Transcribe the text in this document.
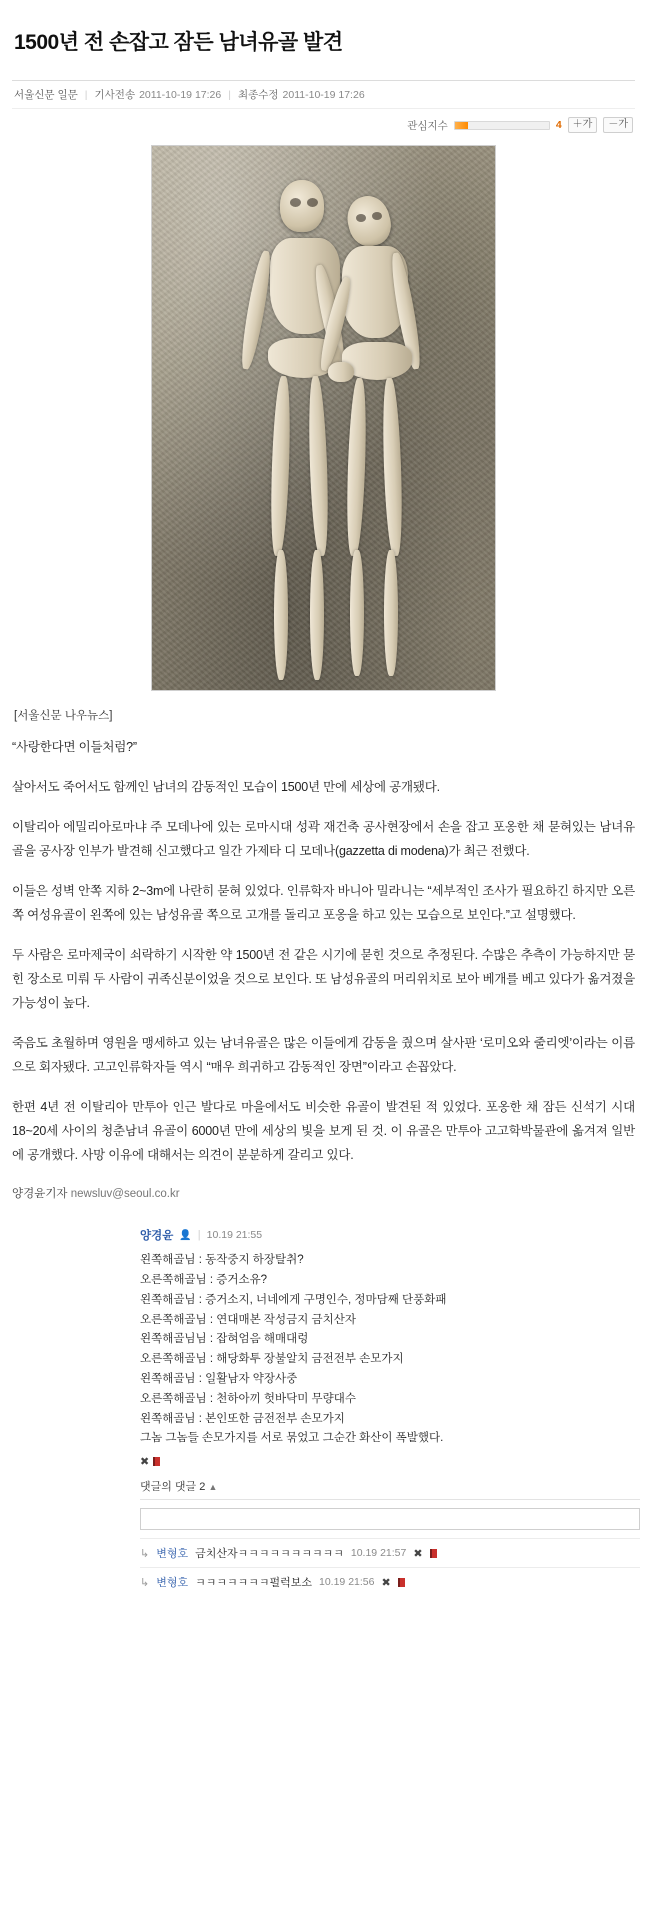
1500년 전 손잡고 잠든 남녀유골 발견
서울신문 일문 | 기사전송 2011-10-19 17:26 | 최종수정 2011-10-19 17:26
관심지수	4	＋가	－가
[서울신문 나우뉴스]

“사랑한다면 이들처럼?”

살아서도 죽어서도 함께인 남녀의 감동적인 모습이 1500년 만에 세상에 공개됐다.

이탈리아 에밀리아로마냐 주 모데나에 있는 로마시대 성곽 재건축 공사현장에서 손을 잡고 포옹한 채 묻혀있는 남녀유골을 공사장 인부가 발견해 신고했다고 일간 가제타 디 모데나(gazzetta di modena)가 최근 전했다.

이들은 성벽 안쪽 지하 2~3m에 나란히 묻혀 있었다. 인류학자 바니아 밀라니는 “세부적인 조사가 필요하긴 하지만 오른쪽 여성유골이 왼쪽에 있는 남성유골 쪽으로 고개를 돌리고 포옹을 하고 있는 모습으로 보인다.”고 설명했다.

두 사람은 로마제국이 쇠락하기 시작한 약 1500년 전 같은 시기에 묻힌 것으로 추정된다. 수많은 추측이 가능하지만 묻힌 장소로 미뤄 두 사람이 귀족신분이었을 것으로 보인다. 또 남성유골의 머리위치로 보아 베개를 베고 있다가 옮겨졌을 가능성이 높다.

죽음도 초월하며 영원을 맹세하고 있는 남녀유골은 많은 이들에게 감동을 줬으며 살사판 ‘로미오와 줄리엣’이라는 이름으로 회자됐다. 고고인류학자들 역시 “매우 희귀하고 감동적인 장면”이라고 손꼽았다.

한편 4년 전 이탈리아 만투아 인근 발다로 마을에서도 비슷한 유골이 발견된 적 있었다. 포옹한 채 잠든 신석기 시대 18~20세 사이의 청춘남녀 유골이 6000년 만에 세상의 빛을 보게 된 것. 이 유골은 만투아 고고학박물관에 옮겨져 일반에 공개했다. 사망 이유에 대해서는 의견이 분분하게 갈리고 있다.

양경윤기자 newsluv@seoul.co.kr
양경윤 👤 | 10.19 21:55
왼쪽해골님 : 동작중지 하장탈취?
오른쪽해골님 : 증거소유?
왼쪽해골님 : 증거소지, 너네에게 구명인수, 정마담째 단풍화패
오른쪽해골님 : 연대매본 작성금지 금치산자
왼쪽해골님님 : 잡혀엄음 해매대렁
오른쪽해골님 : 해당화투 장불알치 금전전부 손모가지
왼쪽해골님 : 일활남자 약장사중
오른쪽해골님 : 천하아끼 헛바닥미 무량대수
왼쪽해골님 : 본인또한 금전전부 손모가지
그놈 그놈들 손모가지를 서로 묶었고 그순간 화산이 폭발했다.
✖
댓글의 댓글 2 ▲
↳ 변형호 금치산자ㅋㅋㅋㅋㅋㅋㅋㅋㅋㅋ 10.19 21:57 ✖
↳ 변형호 ㅋㅋㅋㅋㅋㅋㅋ펄럭보소 10.19 21:56 ✖
